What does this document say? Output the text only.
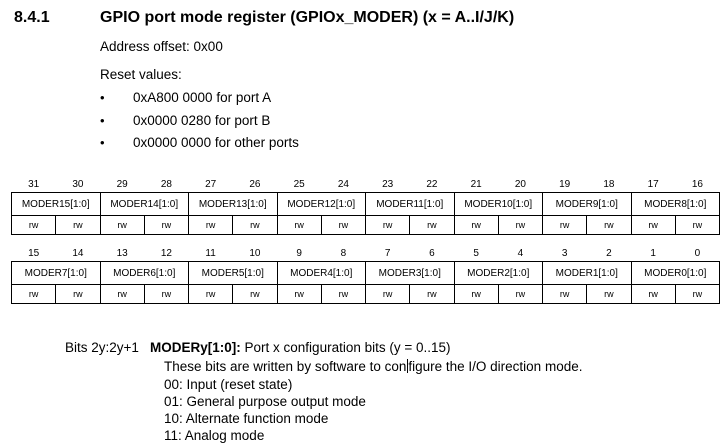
8.4.1	GPIO port mode register (GPIOx_MODER) (x = A..I/J/K)
Address offset: 0x00
Reset values:
• 0xA800 0000 for port A
• 0x0000 0280 for port B
• 0x0000 0000 for other ports
31	30	29	28	27	26	25	24	23	22	21	20	19	18	17	16
MODER15[1:0]		MODER14[1:0]		MODER13[1:0]		MODER12[1:0]		MODER11[1:0]		MODER10[1:0]		MODER9[1:0]		MODER8[1:0]	
rw	rw	rw	rw	rw	rw	rw	rw	rw	rw	rw	rw	rw	rw	rw	rw
15	14	13	12	11	10	9	8	7	6	5	4	3	2	1	0
MODER7[1:0]		MODER6[1:0]		MODER5[1:0]		MODER4[1:0]		MODER3[1:0]		MODER2[1:0]		MODER1[1:0]		MODER0[1:0]	
rw	rw	rw	rw	rw	rw	rw	rw	rw	rw	rw	rw	rw	rw	rw	rw
Bits 2y:2y+1 MODERy[1:0]: Port x configuration bits (y = 0..15)
These bits are written by software to con figure the I/O direction mode.
00: Input (reset state)
01: General purpose output mode
10: Alternate function mode
11: Analog mode
